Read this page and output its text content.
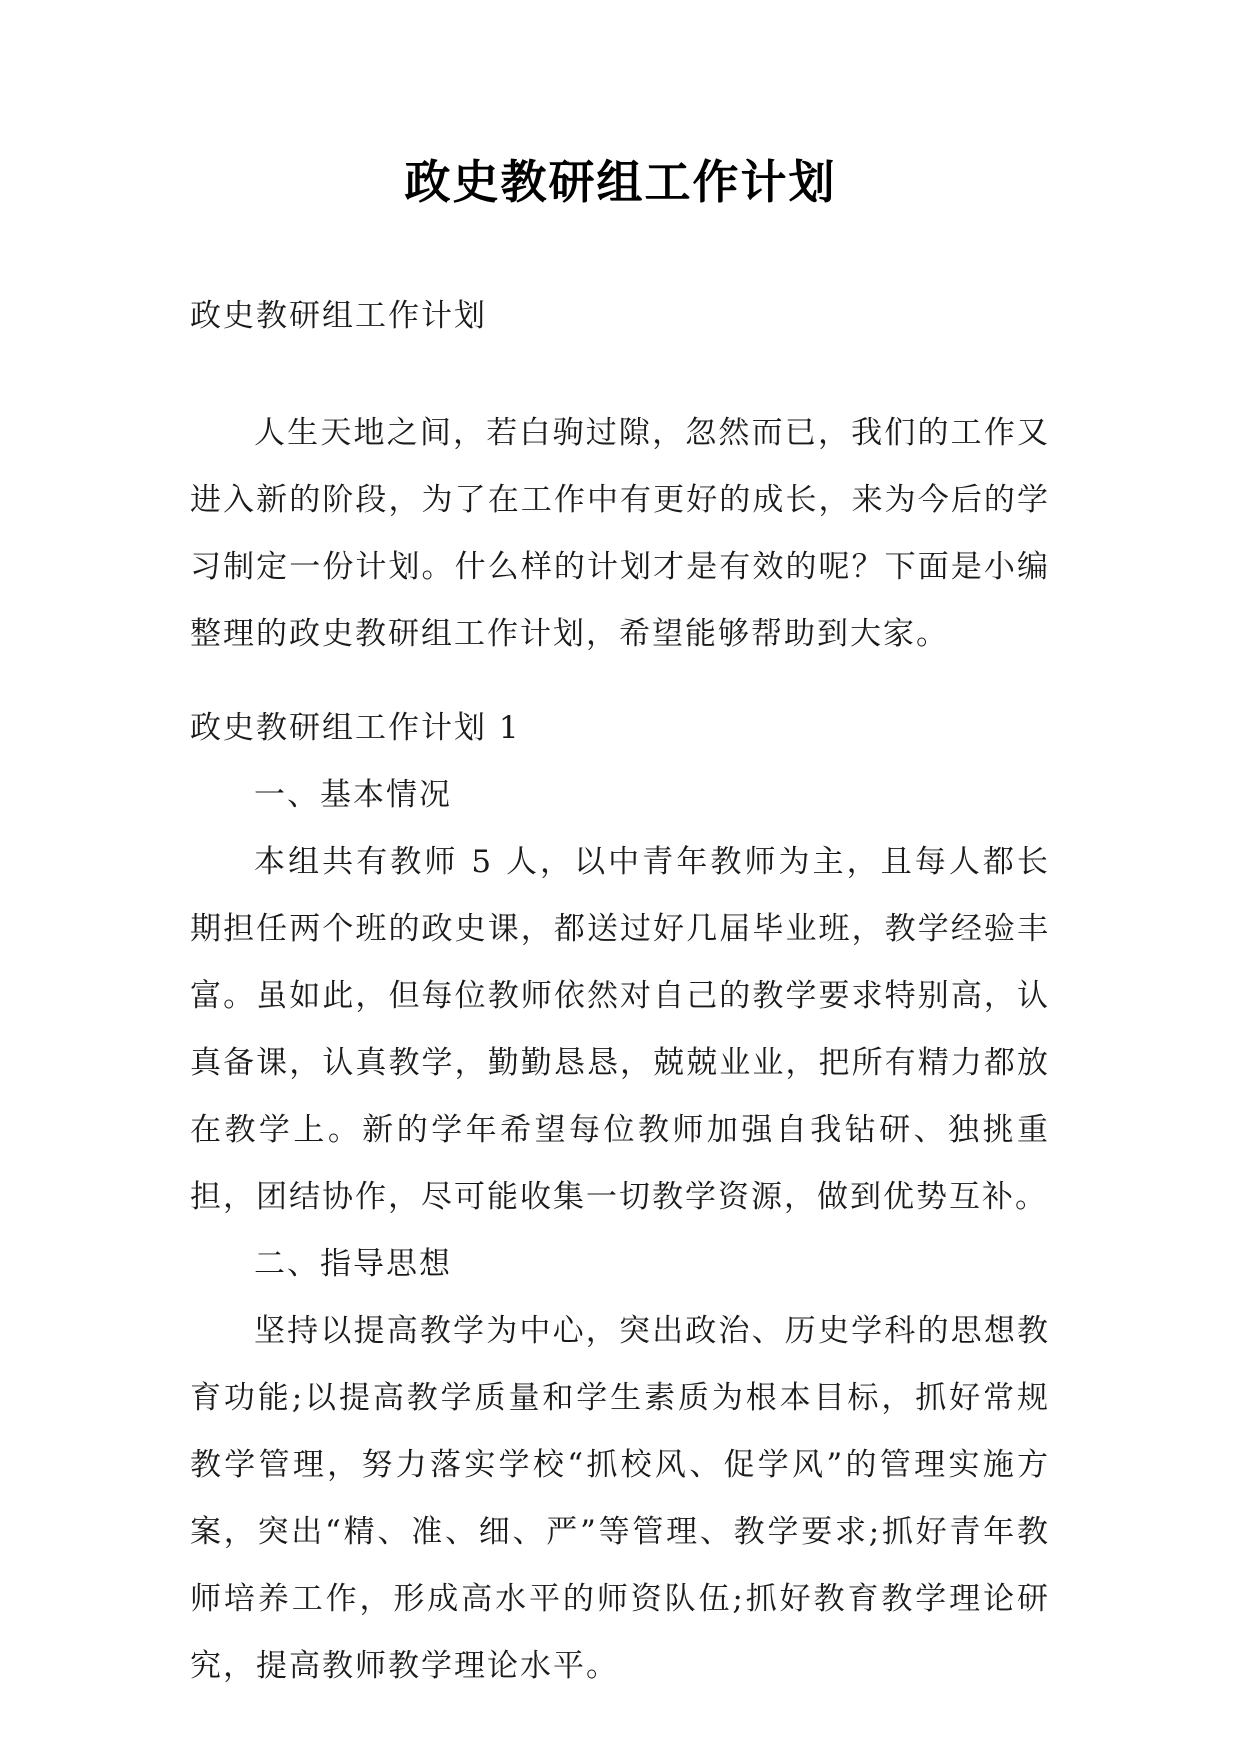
政史教研组工作计划
政史教研组工作计划
人生天地之间，若白驹过隙，忽然而已，我们的工作又进入新的阶段，为了在工作中有更好的成长，来为今后的学习制定一份计划。什么样的计划才是有效的呢？下面是小编整理的政史教研组工作计划，希望能够帮助到大家。

政史教研组工作计划 1

一、基本情况

本组共有教师 5 人，以中青年教师为主，且每人都长期担任两个班的政史课，都送过好几届毕业班，教学经验丰富。虽如此，但每位教师依然对自己的教学要求特别高，认真备课，认真教学，勤勤恳恳，兢兢业业，把所有精力都放在教学上。新的学年希望每位教师加强自我钻研、独挑重担，团结协作，尽可能收集一切教学资源，做到优势互补。

二、指导思想

坚持以提高教学为中心，突出政治、历史学科的思想教育功能;以提高教学质量和学生素质为根本目标，抓好常规教学管理，努力落实学校“抓校风、促学风”的管理实施方案，突出“精、准、细、严”等管理、教学要求;抓好青年教师培养工作，形成高水平的师资队伍;抓好教育教学理论研究，提高教师教学理论水平。
